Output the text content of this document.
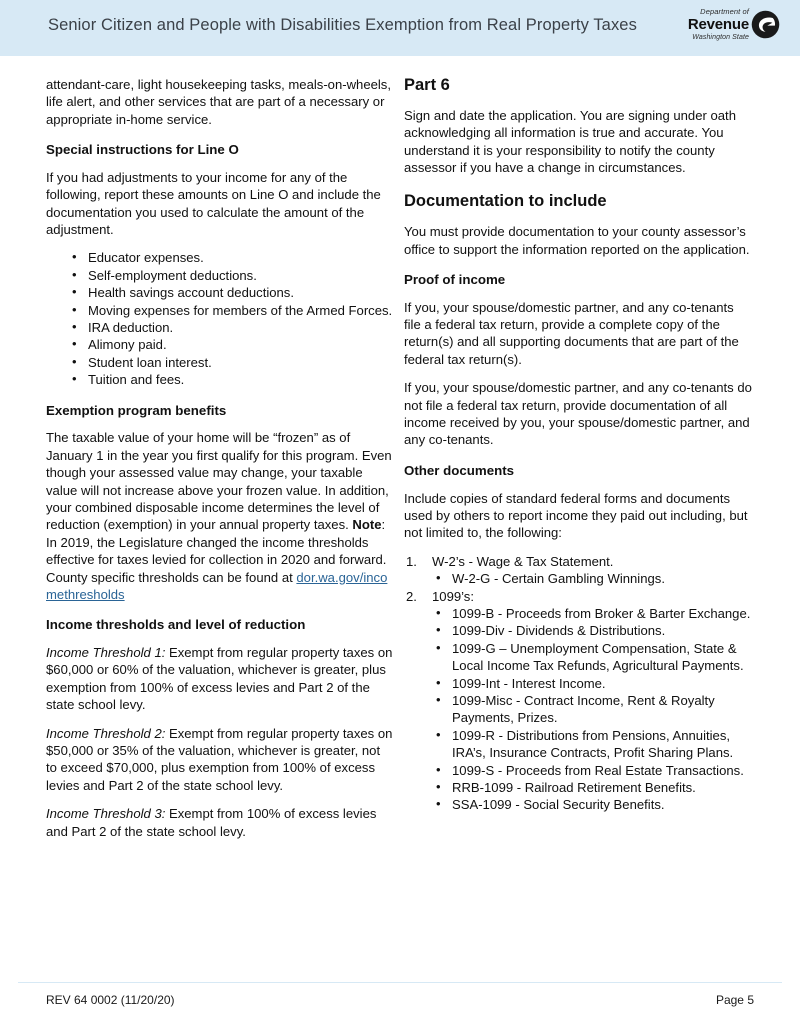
Senior Citizen and People with Disabilities Exemption from Real Property Taxes
Department of
Revenue
Washington State

attendant-care, light housekeeping tasks, meals-on-wheels, life alert, and other services that are part of a necessary or appropriate in-home service.

Special instructions for Line O

If you had adjustments to your income for any of the following, report these amounts on Line O and include the documentation you used to calculate the amount of the adjustment.

• Educator expenses.
• Self-employment deductions.
• Health savings account deductions.
• Moving expenses for members of the Armed Forces.
• IRA deduction.
• Alimony paid.
• Student loan interest.
• Tuition and fees.
Exemption program benefits

The taxable value of your home will be “frozen” as of January 1 in the year you first qualify for this program. Even though your assessed value may change, your taxable value will not increase above your frozen value. In addition, your combined disposable income determines the level of reduction (exemption) in your annual property taxes. Note: In 2019, the Legislature changed the income thresholds effective for taxes levied for collection in 2020 and forward. County specific thresholds can be found at dor.wa.gov/incomethresholds

Income thresholds and level of reduction

Income Threshold 1: Exempt from regular property taxes on $60,000 or 60% of the valuation, whichever is greater, plus exemption from 100% of excess levies and Part 2 of the state school levy.

Income Threshold 2: Exempt from regular property taxes on $50,000 or 35% of the valuation, whichever is greater, not to exceed $70,000, plus exemption from 100% of excess levies and Part 2 of the state school levy.

Income Threshold 3: Exempt from 100% of excess levies and Part 2 of the state school levy.

Part 6

Sign and date the application. You are signing under oath acknowledging all information is true and accurate. You understand it is your responsibility to notify the county assessor if you have a change in circumstances.

Documentation to include

You must provide documentation to your county assessor’s office to support the information reported on the application.

Proof of income

If you, your spouse/domestic partner, and any co-tenants file a federal tax return, provide a complete copy of the return(s) and all supporting documents that are part of the federal tax return(s).

If you, your spouse/domestic partner, and any co-tenants do not file a federal tax return, provide documentation of all income received by you, your spouse/domestic partner, and any co-tenants.

Other documents

Include copies of standard federal forms and documents used by others to report income they paid out including, but not limited to, the following:

W-2’s - Wage & Tax Statement.
• W-2-G - Certain Gambling Winnings.
1099’s:
• 1099-B - Proceeds from Broker & Barter Exchange.
• 1099-Div - Dividends & Distributions.
• 1099-G – Unemployment Compensation, State & Local Income Tax Refunds, Agricultural Payments.
• 1099-Int - Interest Income.
• 1099-Misc - Contract Income, Rent & Royalty Payments, Prizes.
• 1099-R - Distributions from Pensions, Annuities, IRA’s, Insurance Contracts, Profit Sharing Plans.
• 1099-S - Proceeds from Real Estate Transactions.
• RRB-1099 - Railroad Retirement Benefits.
• SSA-1099 - Social Security Benefits.
REV 64 0002 (11/20/20)	Page 5
